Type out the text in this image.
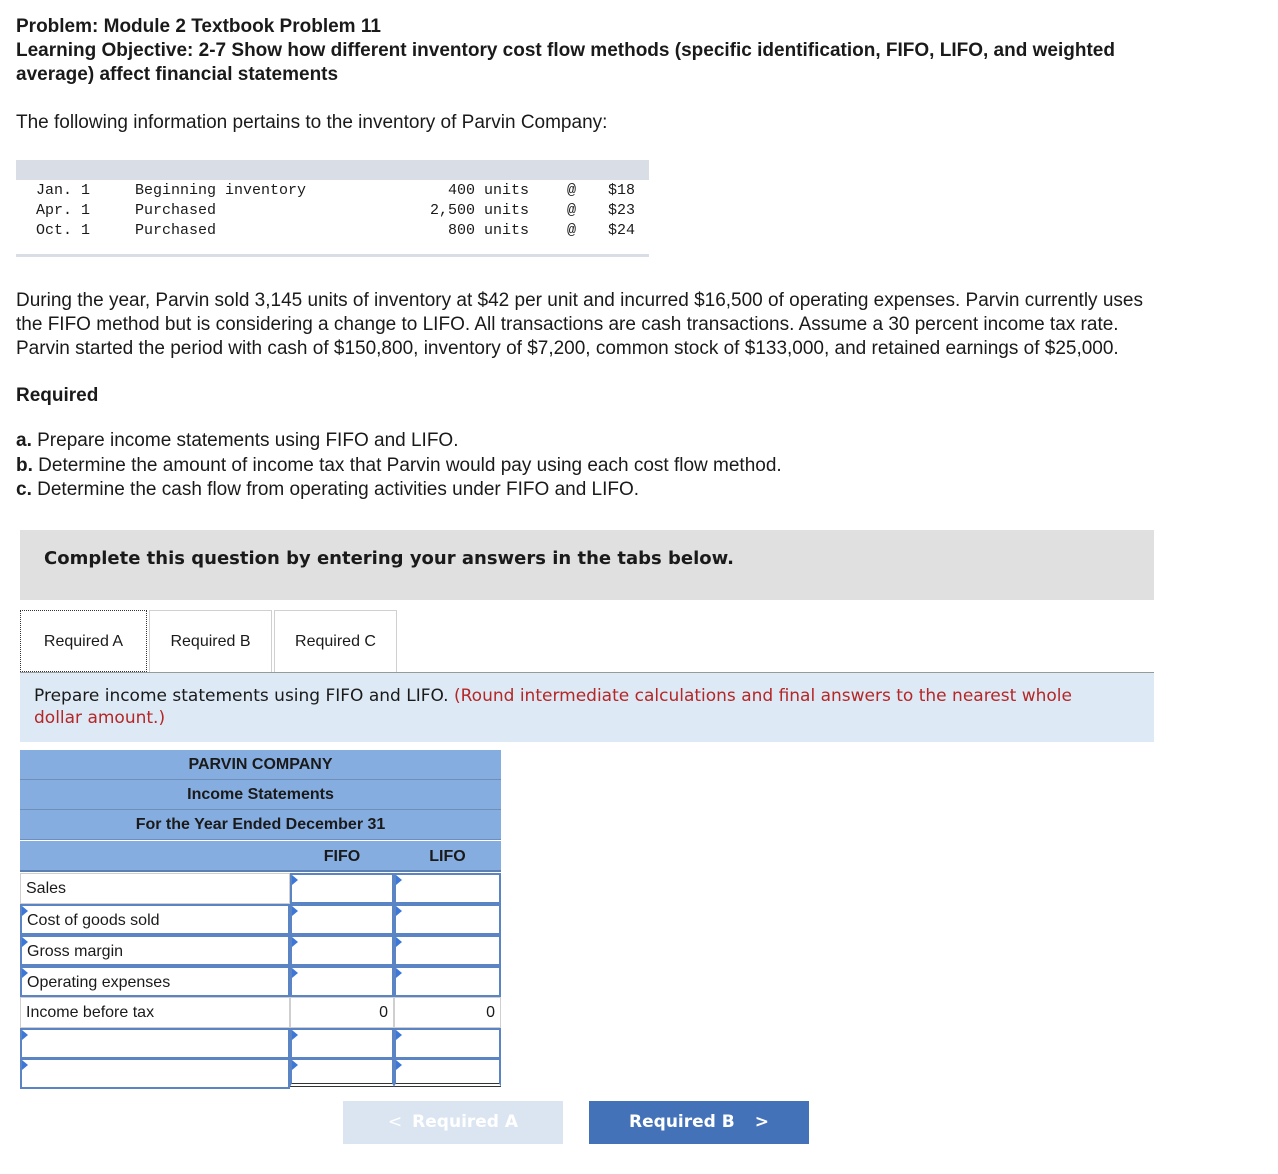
Problem: Module 2 Textbook Problem 11
Learning Objective: 2-7 Show how different inventory cost flow methods (specific identification, FIFO, LIFO, and weighted
average) affect financial statements
The following information pertains to the inventory of Parvin Company:
Jan. 1	Beginning inventory	400 units	@ $18
Apr. 1	Purchased	2,500 units	@ $23
Oct. 1	Purchased	800 units	@ $24
During the year, Parvin sold 3,145 units of inventory at $42 per unit and incurred $16,500 of operating expenses. Parvin currently uses
the FIFO method but is considering a change to LIFO. All transactions are cash transactions. Assume a 30 percent income tax rate.
Parvin started the period with cash of $150,800, inventory of $7,200, common stock of $133,000, and retained earnings of $25,000.
Required
a. Prepare income statements using FIFO and LIFO.
b. Determine the amount of income tax that Parvin would pay using each cost flow method.
c. Determine the cash flow from operating activities under FIFO and LIFO.
Complete this question by entering your answers in the tabs below.
Required A	Required B	Required C
Prepare income statements using FIFO and LIFO. (Round intermediate calculations and final answers to the nearest whole dollar amount.)
PARVIN COMPANY
Income Statements
For the Year Ended December 31
FIFO	LIFO
Sales
Cost of goods sold
Gross margin
Operating expenses
Income before tax	0	0
< Required A	Required B >
